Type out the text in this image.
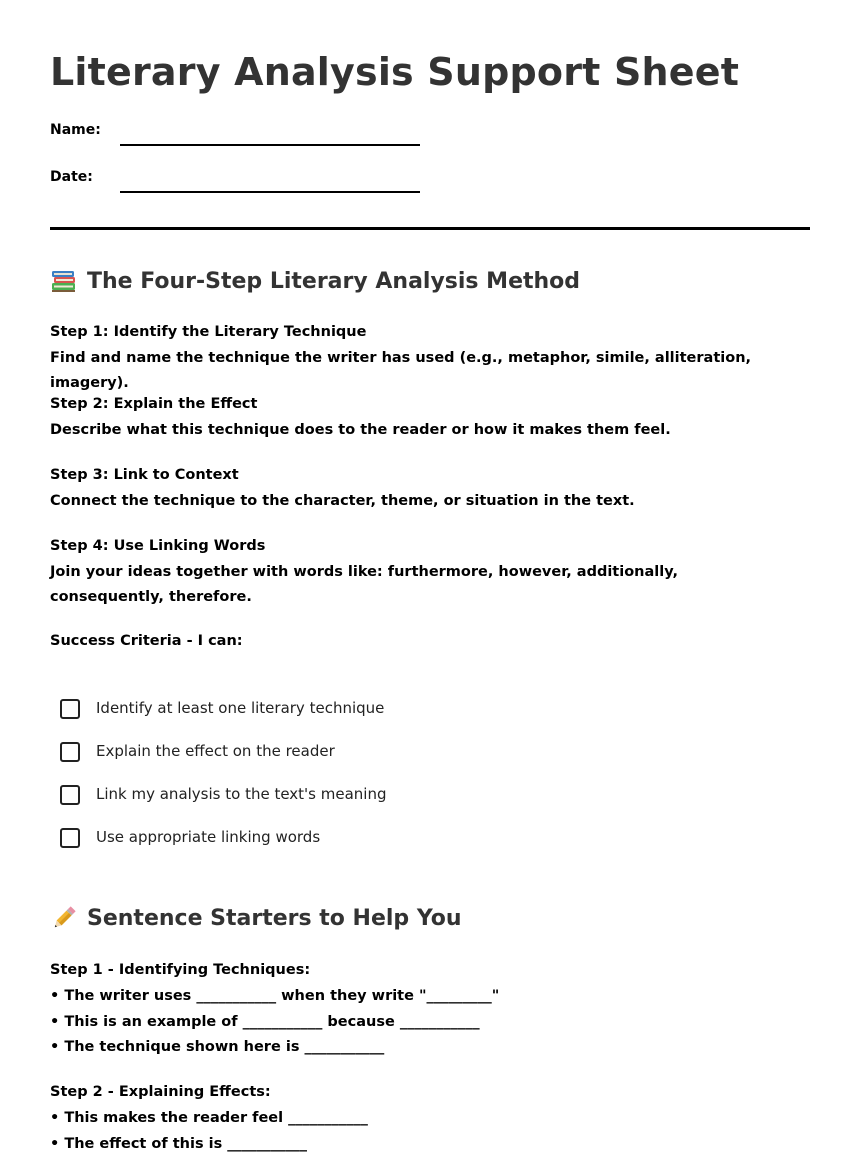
Literary Analysis Support Sheet
Name:
Date:
The Four-Step Literary Analysis Method
Step 1: Identify the Literary Technique
Find and name the technique the writer has used (e.g., metaphor, simile, alliteration, imagery).
Step 2: Explain the Effect
Describe what this technique does to the reader or how it makes them feel.
Step 3: Link to Context
Connect the technique to the character, theme, or situation in the text.
Step 4: Use Linking Words
Join your ideas together with words like: furthermore, however, additionally, consequently, therefore.
Success Criteria - I can:
Identify at least one literary technique
Explain the effect on the reader
Link my analysis to the text's meaning
Use appropriate linking words
Sentence Starters to Help You
Step 1 - Identifying Techniques:
• The writer uses ___________ when they write "_________"
• This is an example of ___________ because ___________
• The technique shown here is ___________
Step 2 - Explaining Effects:
• This makes the reader feel ___________
• The effect of this is ___________
